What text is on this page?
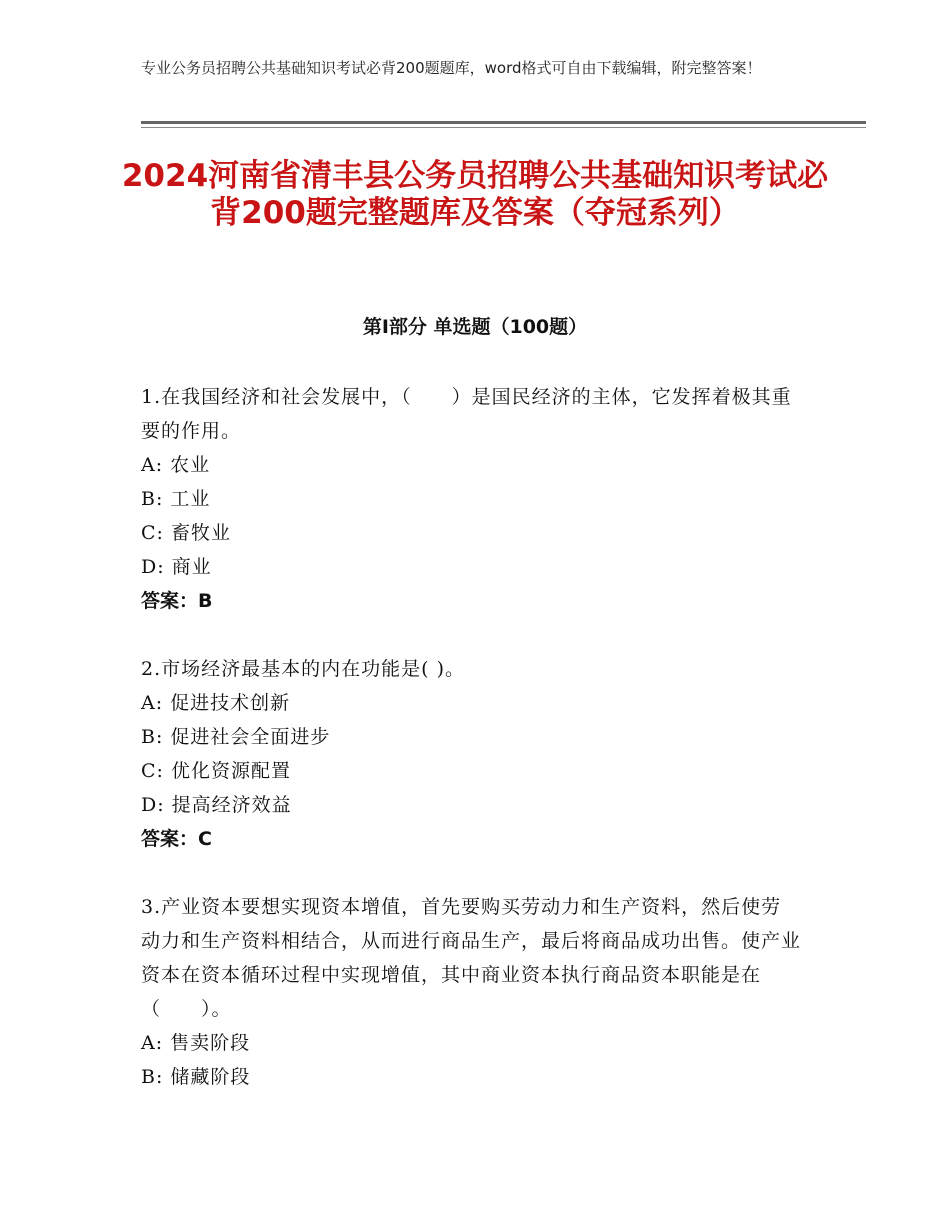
专业公务员招聘公共基础知识考试必背200题题库，word格式可自由下载编辑，附完整答案！
2024河南省清丰县公务员招聘公共基础知识考试必背200题完整题库及答案（夺冠系列）
第Ⅰ部分 单选题（100题）
1.在我国经济和社会发展中，（　　）是国民经济的主体，它发挥着极其重要的作用。
A: 农业
B: 工业
C: 畜牧业
D: 商业
答案：B
2.市场经济最基本的内在功能是( )。
A: 促进技术创新
B: 促进社会全面进步
C: 优化资源配置
D: 提高经济效益
答案：C
3.产业资本要想实现资本增值，首先要购买劳动力和生产资料，然后使劳动力和生产资料相结合，从而进行商品生产，最后将商品成功出售。使产业资本在资本循环过程中实现增值，其中商业资本执行商品资本职能是在（　　）。
A: 售卖阶段
B: 储藏阶段
